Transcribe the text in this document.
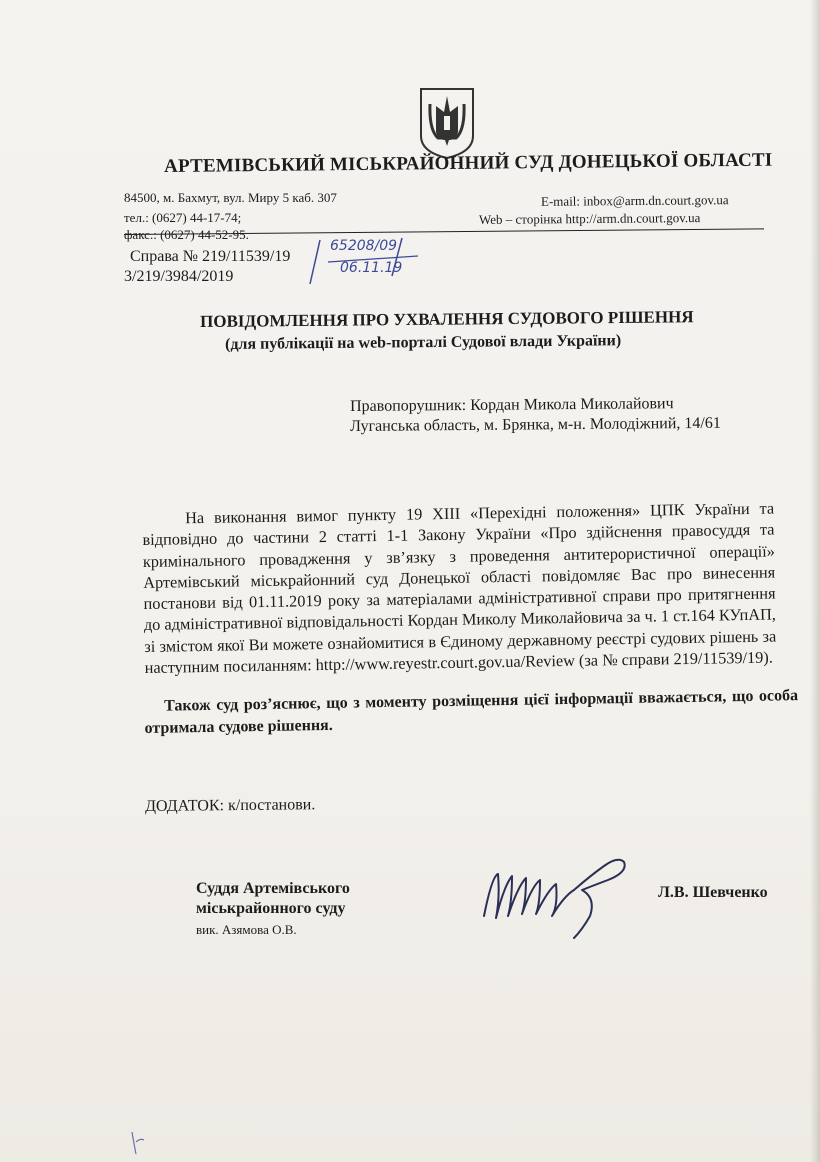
АРТЕМІВСЬКИЙ МІСЬКРАЙОННИЙ СУД ДОНЕЦЬКОЇ ОБЛАСТІ
84500, м. Бахмут, вул. Миру 5 каб. 307
тел.: (0627) 44-17-74;
факс.: (0627) 44-52-95.
E-mail: inbox@arm.dn.court.gov.ua
Web – сторінка http://arm.dn.court.gov.ua
Справа № 219/11539/19
3/219/3984/2019
65208/09
06.11.19
ПОВІДОМЛЕННЯ ПРО УХВАЛЕННЯ СУДОВОГО РІШЕННЯ
(для публікації на web-порталі Судової влади України)
Правопорушник: Кордан Микола Миколайович
Луганська область, м. Брянка, м-н. Молодіжний, 14/61

На виконання вимог пункту 19 ХІІІ «Перехідні положення» ЦПК України та відповідно до частини 2 статті 1-1 Закону України «Про здійснення правосуддя та кримінального провадження у зв’язку з проведення антитерористичної операції» Артемівський міськрайонний суд Донецької області повідомляє Вас про винесення постанови від 01.11.2019 року за матеріалами адміністративної справи про притягнення до адміністративної відповідальності Кордан Миколу Миколайовича за ч. 1 ст.164 КУпАП, зі змістом якої Ви можете ознайомитися в Єдиному державному реєстрі судових рішень за наступним посиланням: http://www.reyestr.court.gov.ua/Review (за № справи 219/11539/19).

Також суд роз’яснює, що з моменту розміщення цієї інформації вважається, що особа отримала судове рішення.
ДОДАТОК: к/постанови.
Суддя Артемівського
міськрайонного суду
вик. Азямова О.В.
Л.В. Шевченко
